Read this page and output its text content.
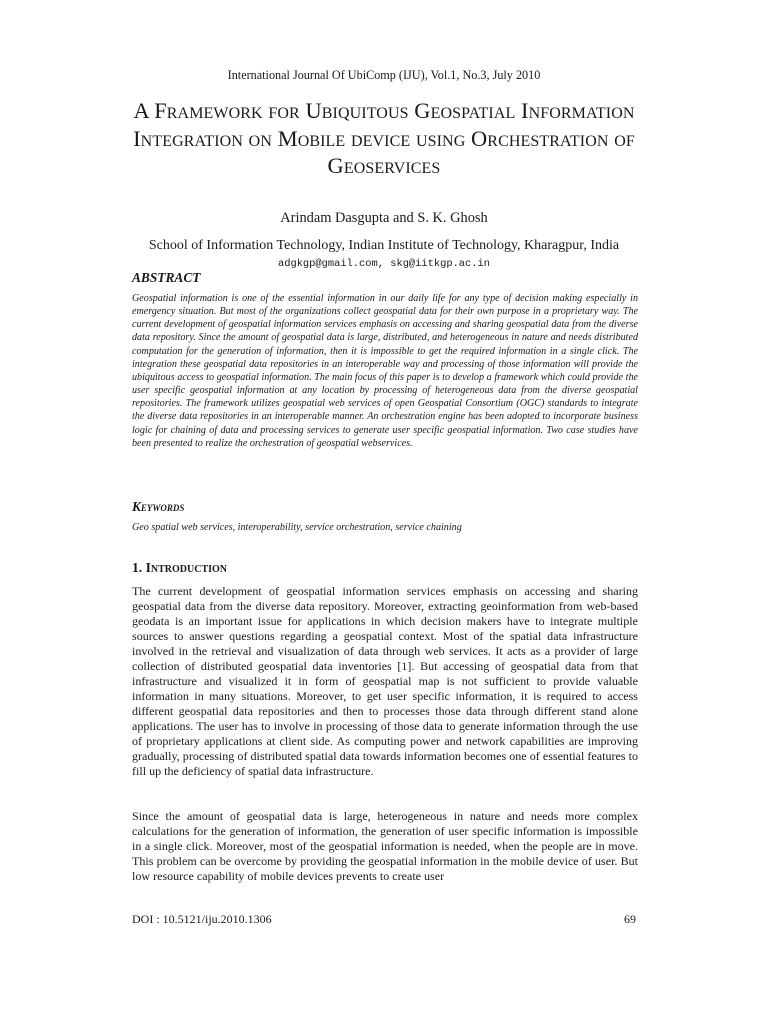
International Journal Of UbiComp (IJU), Vol.1, No.3, July 2010
A Framework for Ubiquitous Geospatial Information Integration on Mobile device using Orchestration of Geoservices
Arindam Dasgupta and S. K. Ghosh
School of Information Technology, Indian Institute of Technology, Kharagpur, India
adgkgp@gmail.com, skg@iitkgp.ac.in
ABSTRACT

Geospatial information is one of the essential information in our daily life for any type of decision making especially in emergency situation. But most of the organizations collect geospatial data for their own purpose in a proprietary way. The current development of geospatial information services emphasis on accessing and sharing geospatial data from the diverse data repository. Since the amount of geospatial data is large, distributed, and heterogeneous in nature and needs distributed computation for the generation of information, then it is impossible to get the required information in a single click. The integration these geospatial data repositories in an interoperable way and processing of those information will provide the ubiquitous access to geospatial information. The main focus of this paper is to develop a framework which could provide the user specific geospatial information at any location by processing of heterogeneous data from the diverse geospatial repositories. The framework utilizes geospatial web services of open Geospatial Consortium (OGC) standards to integrate the diverse data repositories in an interoperable manner. An orchestration engine has been adopted to incorporate business logic for chaining of data and processing services to generate user specific geospatial information. Two case studies have been presented to realize the orchestration of geospatial webservices.

Keywords
Geo spatial web services, interoperability, service orchestration, service chaining
1. Introduction

The current development of geospatial information services emphasis on accessing and sharing geospatial data from the diverse data repository. Moreover, extracting geoinformation from web-based geodata is an important issue for applications in which decision makers have to integrate multiple sources to answer questions regarding a geospatial context. Most of the spatial data infrastructure involved in the retrieval and visualization of data through web services. It acts as a provider of large collection of distributed geospatial data inventories [1]. But accessing of geospatial data from that infrastructure and visualized it in form of geospatial map is not sufficient to provide valuable information in many situations. Moreover, to get user specific information, it is required to access different geospatial data repositories and then to processes those data through different stand alone applications. The user has to involve in processing of those data to generate information through the use of proprietary applications at client side. As computing power and network capabilities are improving gradually, processing of distributed spatial data towards information becomes one of essential features to fill up the deficiency of spatial data infrastructure.

Since the amount of geospatial data is large, heterogeneous in nature and needs more complex calculations for the generation of information, the generation of user specific information is impossible in a single click. Moreover, most of the geospatial information is needed, when the people are in move. This problem can be overcome by providing the geospatial information in the mobile device of user. But low resource capability of mobile devices prevents to create user

DOI : 10.5121/iju.2010.1306	69
